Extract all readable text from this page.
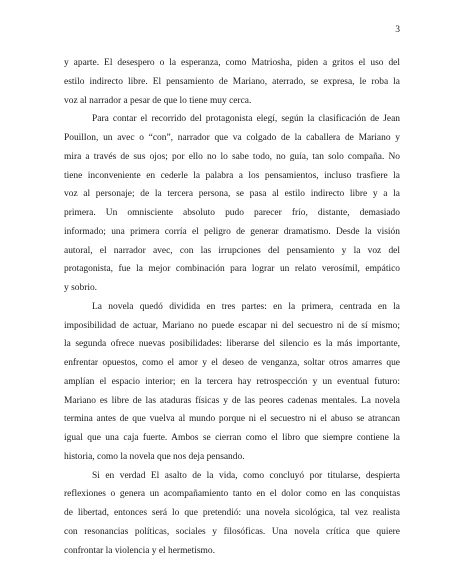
3
y aparte. El desespero o la esperanza, como Matriosha, piden a gritos el uso del
estilo indirecto libre. El pensamiento de Mariano, aterrado, se expresa, le roba la
voz al narrador a pesar de que lo tiene muy cerca.
Para contar el recorrido del protagonista elegí, según la clasificación de Jean
Pouillon, un avec o “con”, narrador que va colgado de la caballera de Mariano y
mira a través de sus ojos; por ello no lo sabe todo, no guía, tan solo compaña. No
tiene inconveniente en cederle la palabra a los pensamientos, incluso trasfiere la
voz al personaje; de la tercera persona, se pasa al estilo indirecto libre y a la
primera. Un omnisciente absoluto pudo parecer frío, distante, demasiado
informado; una primera corría el peligro de generar dramatismo. Desde la visión
autoral, el narrador avec, con las irrupciones del pensamiento y la voz del
protagonista, fue la mejor combinación para lograr un relato verosímil, empático
y sobrio.
La novela quedó dividida en tres partes: en la primera, centrada en la
imposibilidad de actuar, Mariano no puede escapar ni del secuestro ni de sí mismo;
la segunda ofrece nuevas posibilidades: liberarse del silencio es la más importante,
enfrentar opuestos, como el amor y el deseo de venganza, soltar otros amarres que
amplían el espacio interior; en la tercera hay retrospección y un eventual futuro:
Mariano es libre de las ataduras físicas y de las peores cadenas mentales. La novela
termina antes de que vuelva al mundo porque ni el secuestro ni el abuso se atrancan
igual que una caja fuerte. Ambos se cierran como el libro que siempre contiene la
historia, como la novela que nos deja pensando.
Si en verdad El asalto de la vida, como concluyó por titularse, despierta
reflexiones o genera un acompañamiento tanto en el dolor como en las conquistas
de libertad, entonces será lo que pretendió: una novela sicológica, tal vez realista
con resonancias políticas, sociales y filosóficas. Una novela crítica que quiere
confrontar la violencia y el hermetismo.
